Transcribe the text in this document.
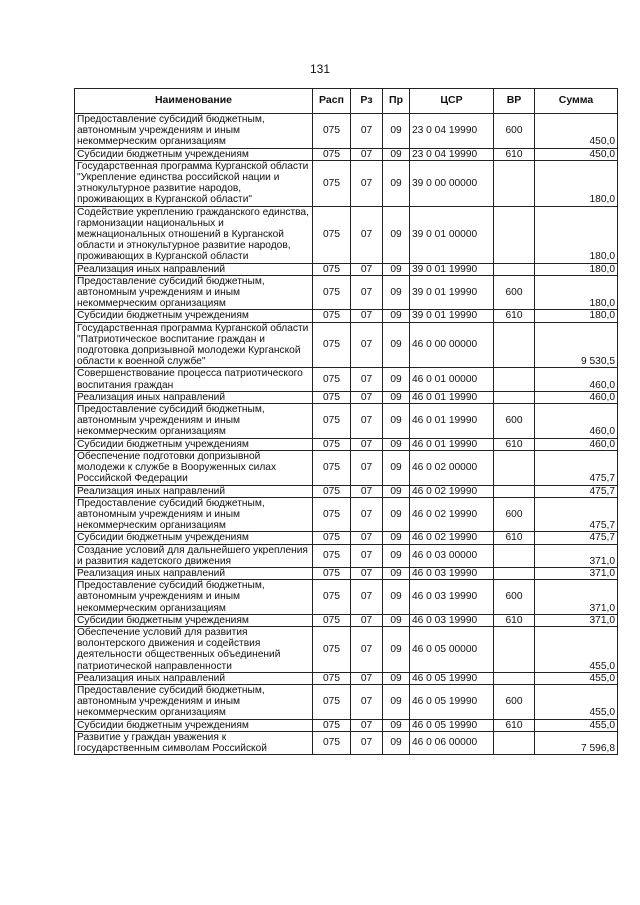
131
Наименование	Расп	Рз	Пр	ЦСР	ВР	Сумма
Предоставление субсидий бюджетным, автономным учреждениям и иным некоммерческим организациям	075	07	09	23 0 04 19990	600	450,0
Субсидии бюджетным учреждениям	075	07	09	23 0 04 19990	610	450,0
Государственная программа Курганской области "Укрепление единства российской нации и этнокультурное развитие народов, проживающих в Курганской области"	075	07	09	39 0 00 00000		180,0
Содействие укреплению гражданского единства, гармонизации национальных и межнациональных отношений в Курганской области и этнокультурное развитие народов, проживающих в Курганской области	075	07	09	39 0 01 00000		180,0
Реализация иных направлений	075	07	09	39 0 01 19990		180,0
Предоставление субсидий бюджетным, автономным учреждениям и иным некоммерческим организациям	075	07	09	39 0 01 19990	600	180,0
Субсидии бюджетным учреждениям	075	07	09	39 0 01 19990	610	180,0
Государственная программа Курганской области "Патриотическое воспитание граждан и подготовка допризывной молодежи Курганской области к военной службе"	075	07	09	46 0 00 00000		9 530,5
Совершенствование процесса патриотического воспитания граждан	075	07	09	46 0 01 00000		460,0
Реализация иных направлений	075	07	09	46 0 01 19990		460,0
Предоставление субсидий бюджетным, автономным учреждениям и иным некоммерческим организациям	075	07	09	46 0 01 19990	600	460,0
Субсидии бюджетным учреждениям	075	07	09	46 0 01 19990	610	460,0
Обеспечение подготовки допризывной молодежи к службе в Вооруженных силах Российской Федерации	075	07	09	46 0 02 00000		475,7
Реализация иных направлений	075	07	09	46 0 02 19990		475,7
Предоставление субсидий бюджетным, автономным учреждениям и иным некоммерческим организациям	075	07	09	46 0 02 19990	600	475,7
Субсидии бюджетным учреждениям	075	07	09	46 0 02 19990	610	475,7
Создание условий для дальнейшего укрепления и развития кадетского движения	075	07	09	46 0 03 00000		371,0
Реализация иных направлений	075	07	09	46 0 03 19990		371,0
Предоставление субсидий бюджетным, автономным учреждениям и иным некоммерческим организациям	075	07	09	46 0 03 19990	600	371,0
Субсидии бюджетным учреждениям	075	07	09	46 0 03 19990	610	371,0
Обеспечение условий для развития волонтерского движения и содействия деятельности общественных объединений патриотической направленности	075	07	09	46 0 05 00000		455,0
Реализация иных направлений	075	07	09	46 0 05 19990		455,0
Предоставление субсидий бюджетным, автономным учреждениям и иным некоммерческим организациям	075	07	09	46 0 05 19990	600	455,0
Субсидии бюджетным учреждениям	075	07	09	46 0 05 19990	610	455,0
Развитие у граждан уважения к государственным символам Российской	075	07	09	46 0 06 00000		7 596,8
